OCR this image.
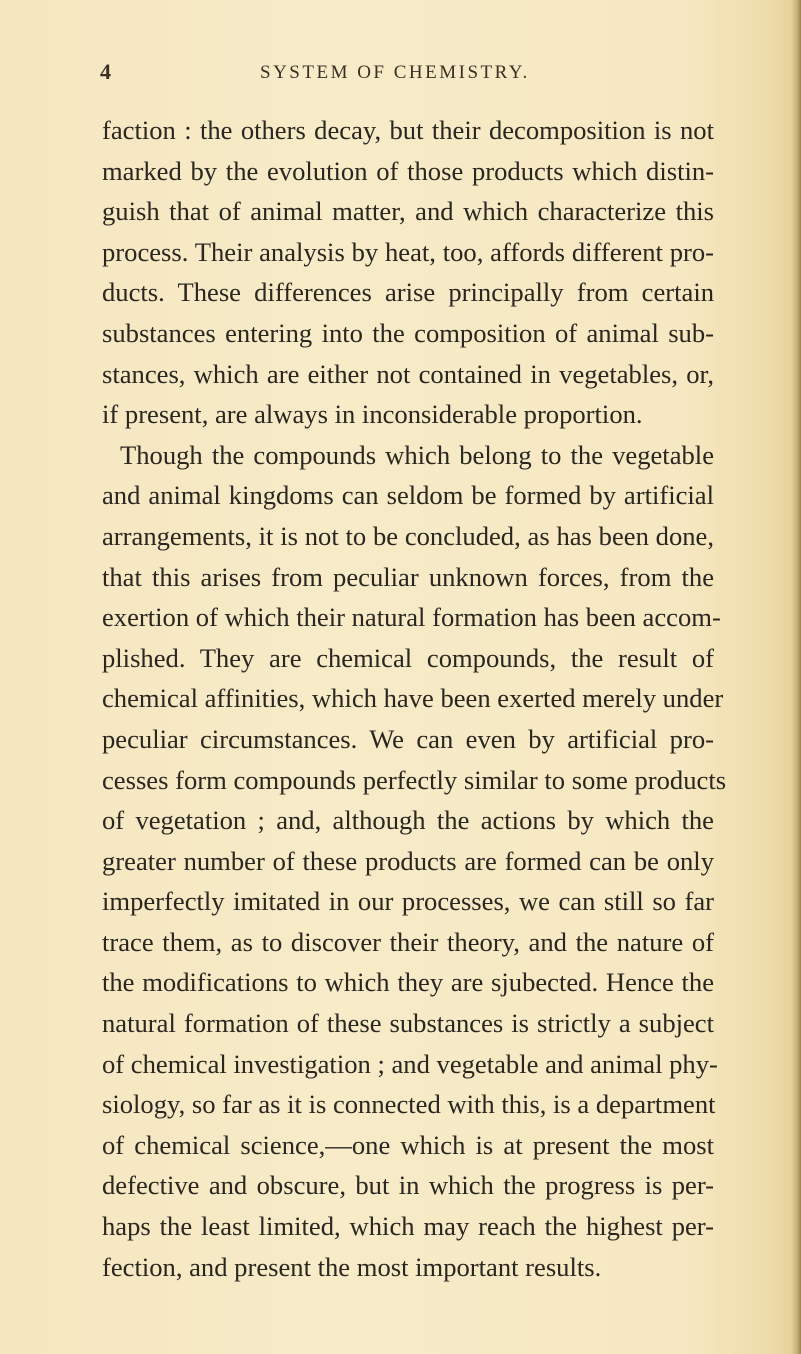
4	SYSTEM OF CHEMISTRY.
faction : the others decay, but their decomposition is not
marked by the evolution of those products which distin-
guish that of animal matter, and which characterize this
process. Their analysis by heat, too, affords different pro-
ducts. These differences arise principally from certain
substances entering into the composition of animal sub-
stances, which are either not contained in vegetables, or,
if present, are always in inconsiderable proportion.
Though the compounds which belong to the vegetable
and animal kingdoms can seldom be formed by artificial
arrangements, it is not to be concluded, as has been done,
that this arises from peculiar unknown forces, from the
exertion of which their natural formation has been accom-
plished. They are chemical compounds, the result of
chemical affinities, which have been exerted merely under
peculiar circumstances. We can even by artificial pro-
cesses form compounds perfectly similar to some products
of vegetation ; and, although the actions by which the
greater number of these products are formed can be only
imperfectly imitated in our processes, we can still so far
trace them, as to discover their theory, and the nature of
the modifications to which they are sjubected. Hence the
natural formation of these substances is strictly a subject
of chemical investigation ; and vegetable and animal phy-
siology, so far as it is connected with this, is a department
of chemical science,—one which is at present the most
defective and obscure, but in which the progress is per-
haps the least limited, which may reach the highest per-
fection, and present the most important results.
